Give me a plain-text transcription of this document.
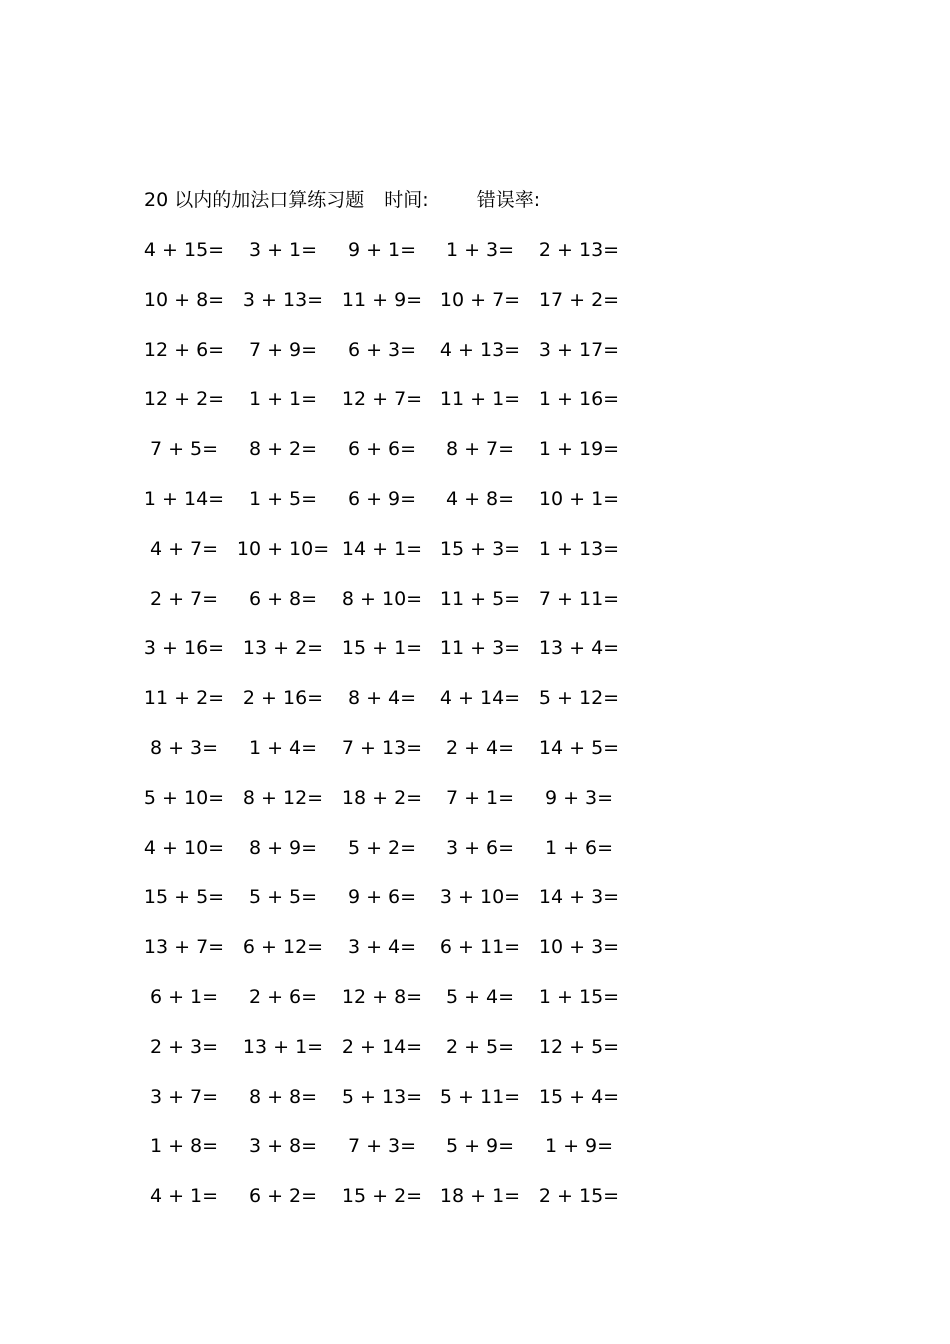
20 以内的加法口算练习题 时间:	错误率:
4 + 15=	3 + 1=	9 + 1=	1 + 3=	2 + 13=
10 + 8= 3 + 13= 11 + 9= 10 + 7= 17 + 2=
12 + 6=	7 + 9=	6 + 3=	4 + 13= 3 + 17=
12 + 2=	1 + 1=	12 + 7= 11 + 1= 1 + 16=
7 + 5=	8 + 2=	6 + 6=	8 + 7=	1 + 19=
1 + 14=	1 + 5=	6 + 9=	4 + 8=	10 + 1=
4 + 7= 10 + 10= 14 + 1= 15 + 3= 1 + 13=
2 + 7=	6 + 8=	8 + 10= 11 + 5= 7 + 11=
3 + 16= 13 + 2= 15 + 1= 11 + 3= 13 + 4=
11 + 2= 2 + 16=	8 + 4=	4 + 14= 5 + 12=
8 + 3=	1 + 4=	7 + 13=	2 + 4=	14 + 5=
5 + 10= 8 + 12= 18 + 2=	7 + 1=	9 + 3=
4 + 10=	8 + 9=	5 + 2=	3 + 6=	1 + 6=
15 + 5=	5 + 5=	9 + 6=	3 + 10= 14 + 3=
13 + 7= 6 + 12=	3 + 4=	6 + 11= 10 + 3=
6 + 1=	2 + 6=	12 + 8=	5 + 4=	1 + 15=
2 + 3=	13 + 1= 2 + 14=	2 + 5=	12 + 5=
3 + 7=	8 + 8=	5 + 13= 5 + 11= 15 + 4=
1 + 8=	3 + 8=	7 + 3=	5 + 9=	1 + 9=
4 + 1=	6 + 2=	15 + 2= 18 + 1= 2 + 15=
